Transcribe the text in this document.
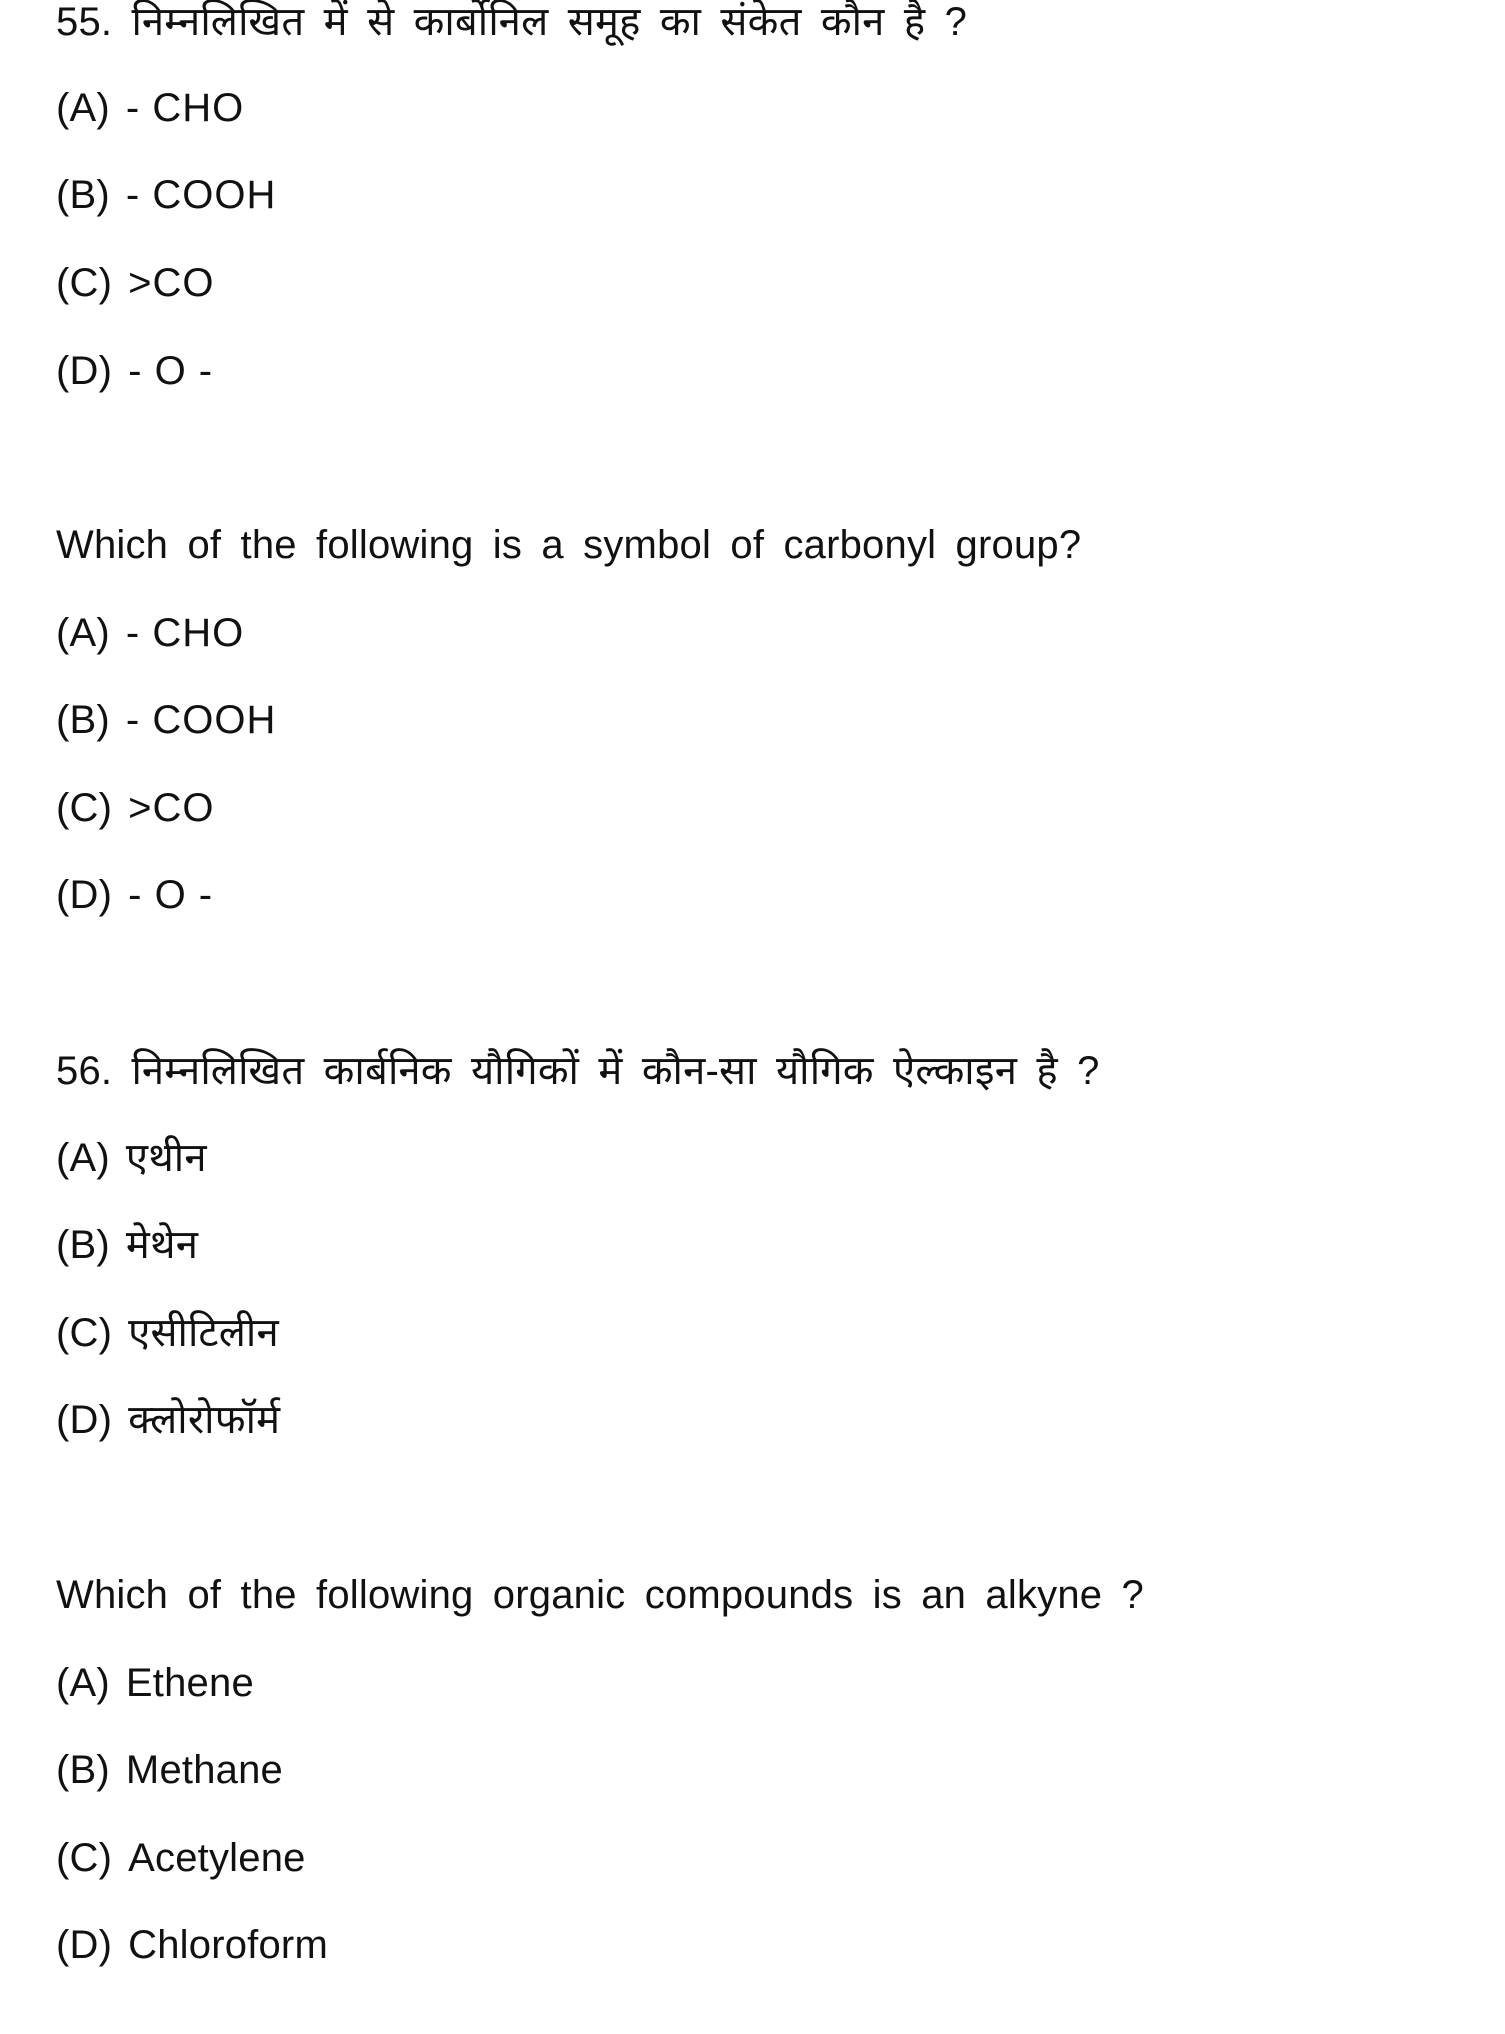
55. निम्नलिखित में से कार्बोनिल समूह का संकेत कौन है ?
(A) - CHO
(B) - COOH
(C) >CO
(D) - O -
Which of the following is a symbol of carbonyl group?
(A) - CHO
(B) - COOH
(C) >CO
(D) - O -
56. निम्नलिखित कार्बनिक यौगिकों में कौन-सा यौगिक ऐल्काइन है ?
(A) एथीन
(B) मेथेन
(C) एसीटिलीन
(D) क्लोरोफॉर्म
Which of the following organic compounds is an alkyne ?
(A) Ethene
(B) Methane
(C) Acetylene
(D) Chloroform
